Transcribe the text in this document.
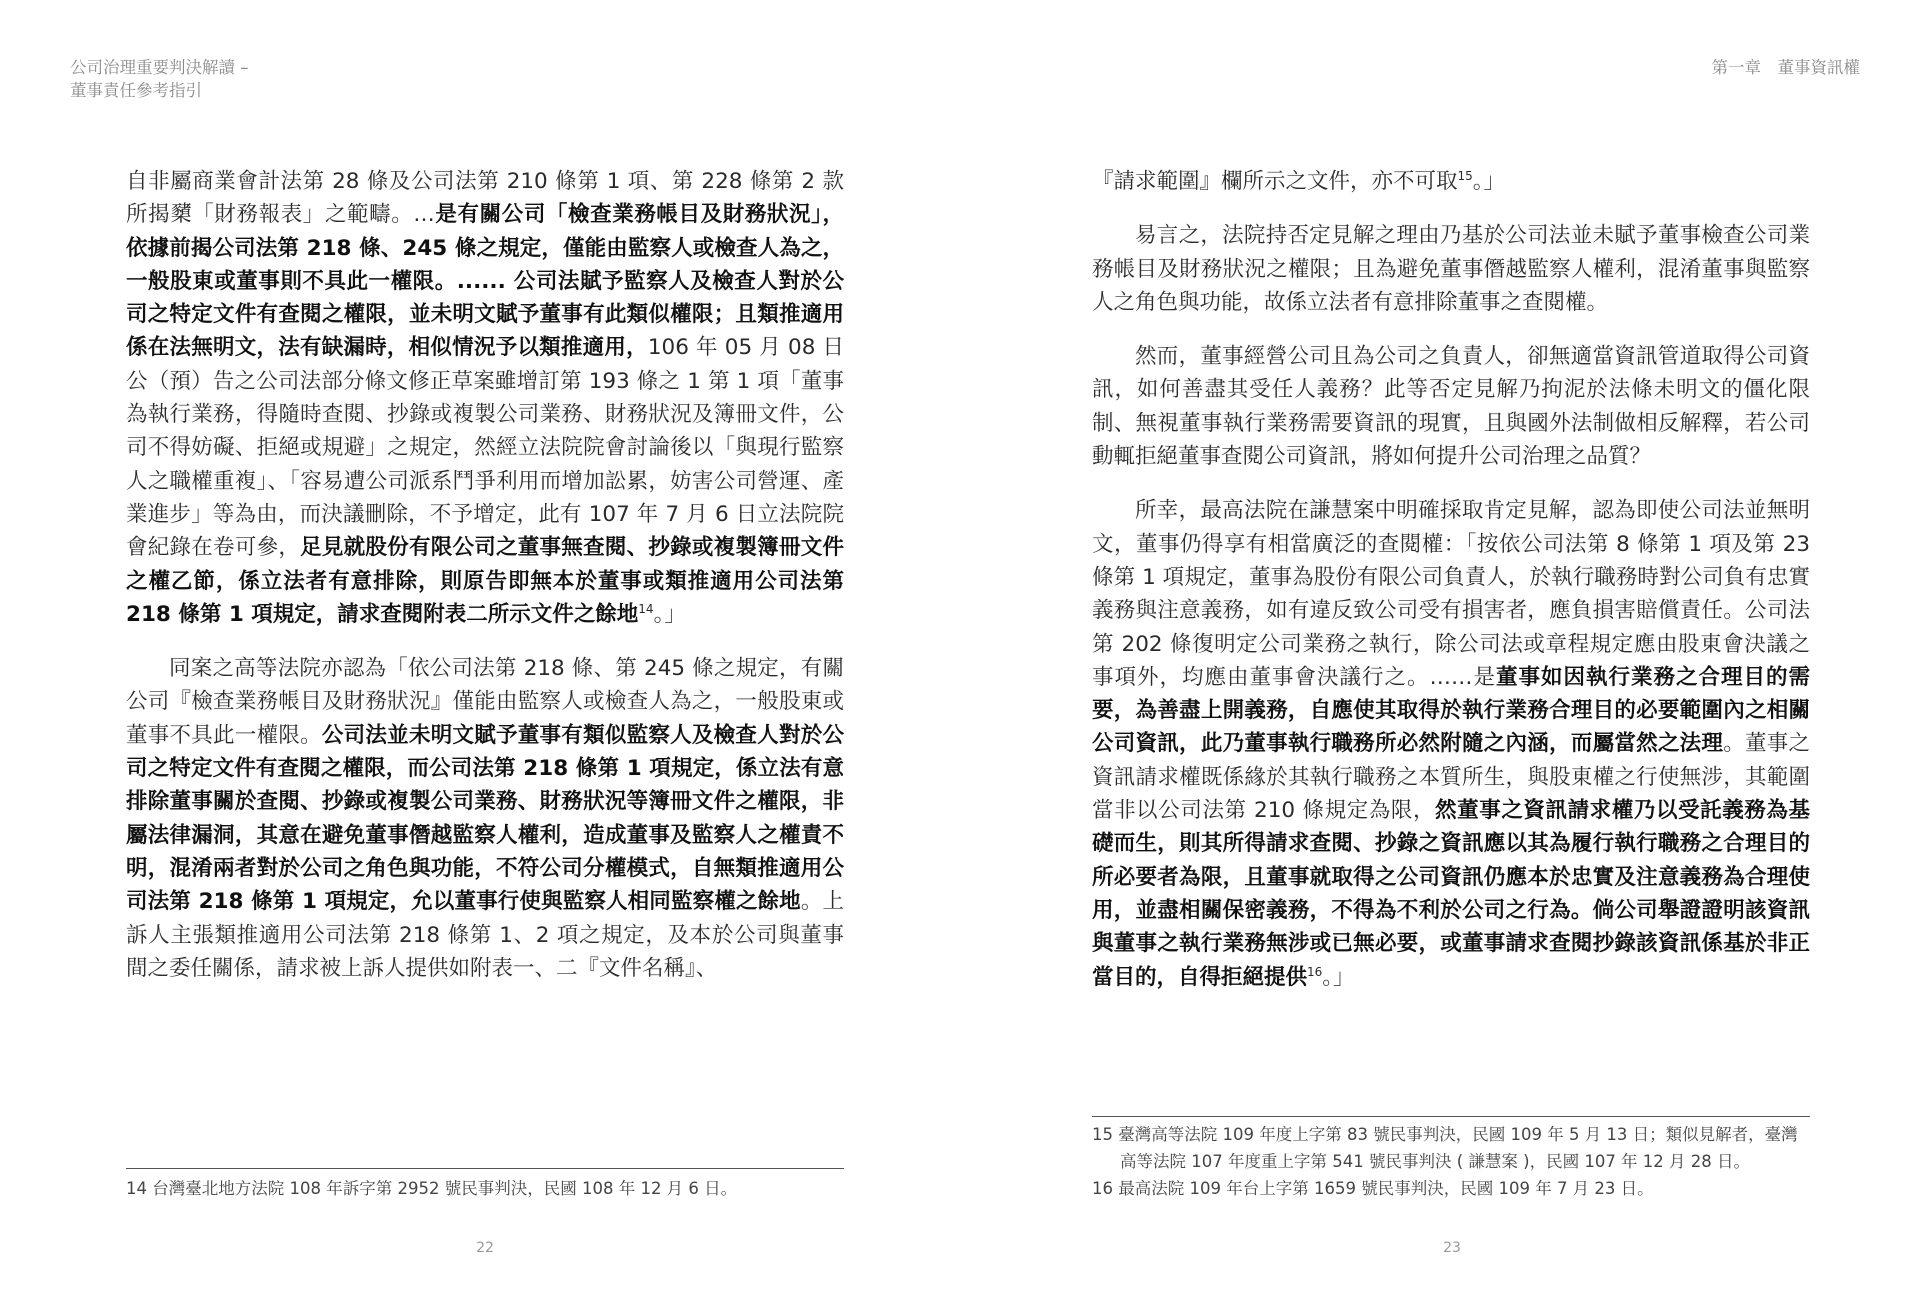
公司治理重要判決解讀 –
董事責任參考指引

自非屬商業會計法第 28 條及公司法第 210 條第 1 項、第 228 條第 2 款所揭櫫「財務報表」之範疇。…是有關公司「檢查業務帳目及財務狀況」，依據前揭公司法第 218 條、245 條之規定，僅能由監察人或檢查人為之，一般股東或董事則不具此一權限。...... 公司法賦予監察人及檢查人對於公司之特定文件有查閱之權限，並未明文賦予董事有此類似權限；且類推適用係在法無明文，法有缺漏時，相似情況予以類推適用，106 年 05 月 08 日公（預）告之公司法部分條文修正草案雖增訂第 193 條之 1 第 1 項「董事為執行業務，得隨時查閱、抄錄或複製公司業務、財務狀況及簿冊文件，公司不得妨礙、拒絕或規避」之規定，然經立法院院會討論後以「與現行監察人之職權重複」、「容易遭公司派系鬥爭利用而增加訟累，妨害公司營運、產業進步」等為由，而決議刪除，不予增定，此有 107 年 7 月 6 日立法院院會紀錄在卷可參，足見就股份有限公司之董事無查閱、抄錄或複製簿冊文件之權乙節，係立法者有意排除，則原告即無本於董事或類推適用公司法第 218 條第 1 項規定，請求查閱附表二所示文件之餘地$^{14}$。」

同案之高等法院亦認為「依公司法第 218 條、第 245 條之規定，有關公司『檢查業務帳目及財務狀況』僅能由監察人或檢查人為之，一般股東或董事不具此一權限。公司法並未明文賦予董事有類似監察人及檢查人對於公司之特定文件有查閱之權限，而公司法第 218 條第 1 項規定，係立法有意排除董事關於查閱、抄錄或複製公司業務、財務狀況等簿冊文件之權限，非屬法律漏洞，其意在避免董事僭越監察人權利，造成董事及監察人之權責不明，混淆兩者對於公司之角色與功能，不符公司分權模式，自無類推適用公司法第 218 條第 1 項規定，允以董事行使與監察人相同監察權之餘地。上訴人主張類推適用公司法第 218 條第 1、2 項之規定，及本於公司與董事間之委任關係，請求被上訴人提供如附表一、二『文件名稱』、

14 台灣臺北地方法院 108 年訴字第 2952 號民事判決，民國 108 年 12 月 6 日。
22
第一章　董事資訊權

『請求範圍』欄所示之文件，亦不可取$^{15}$。」

易言之，法院持否定見解之理由乃基於公司法並未賦予董事檢查公司業務帳目及財務狀況之權限；且為避免董事僭越監察人權利，混淆董事與監察人之角色與功能，故係立法者有意排除董事之查閱權。

然而，董事經營公司且為公司之負責人，卻無適當資訊管道取得公司資訊，如何善盡其受任人義務？此等否定見解乃拘泥於法條未明文的僵化限制、無視董事執行業務需要資訊的現實，且與國外法制做相反解釋，若公司動輒拒絕董事查閱公司資訊，將如何提升公司治理之品質？

所幸，最高法院在謙慧案中明確採取肯定見解，認為即使公司法並無明文，董事仍得享有相當廣泛的查閱權：「按依公司法第 8 條第 1 項及第 23 條第 1 項規定，董事為股份有限公司負責人，於執行職務時對公司負有忠實義務與注意義務，如有違反致公司受有損害者，應負損害賠償責任。公司法第 202 條復明定公司業務之執行，除公司法或章程規定應由股東會決議之事項外，均應由董事會決議行之。……是董事如因執行業務之合理目的需要，為善盡上開義務，自應使其取得於執行業務合理目的必要範圍內之相關公司資訊，此乃董事執行職務所必然附隨之內涵，而屬當然之法理。董事之資訊請求權既係緣於其執行職務之本質所生，與股東權之行使無涉，其範圍當非以公司法第 210 條規定為限，然董事之資訊請求權乃以受託義務為基礎而生，則其所得請求查閱、抄錄之資訊應以其為履行執行職務之合理目的所必要者為限，且董事就取得之公司資訊仍應本於忠實及注意義務為合理使用，並盡相關保密義務，不得為不利於公司之行為。倘公司舉證證明該資訊與董事之執行業務無涉或已無必要，或董事請求查閱抄錄該資訊係基於非正當目的，自得拒絕提供$^{16}$。」

15 臺灣高等法院 109 年度上字第 83 號民事判決，民國 109 年 5 月 13 日；類似見解者，臺灣高等法院 107 年度重上字第 541 號民事判決 ( 謙慧案 )，民國 107 年 12 月 28 日。
16 最高法院 109 年台上字第 1659 號民事判決，民國 109 年 7 月 23 日。
23
